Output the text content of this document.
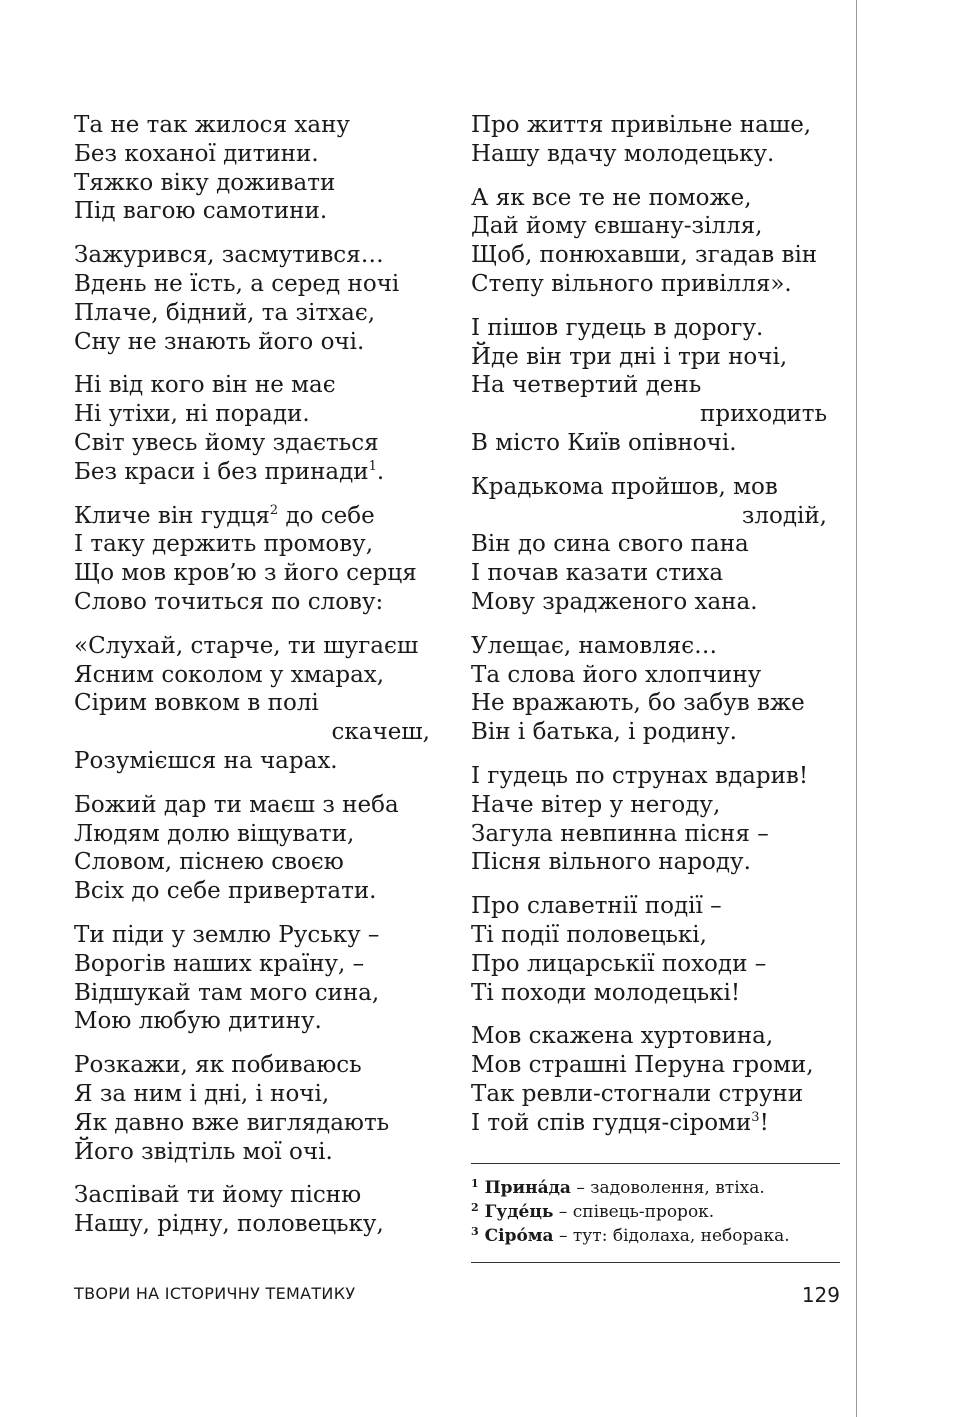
Та не так жилося хану
Без коханої дитини.
Тяжко віку доживати
Під вагою самотини.
Зажурився, засмутився…
Вдень не їсть, а серед ночі
Плаче, бідний, та зітхає,
Сну не знають його очі.
Ні від кого він не має
Ні утіхи, ні поради.
Світ увесь йому здається
Без краси і без принади$^1$.
Кличе він гудця$^2$ до себе
І таку держить промову,
Що мов кров’ю з його серця
Слово точиться по слову:
«Слухай, старче, ти шугаєш
Ясним соколом у хмарах,
Сірим вовком в полі
скачеш,
Розумієшся на чарах.
Божий дар ти маєш з неба
Людям долю віщувати,
Словом, піснею своєю
Всіх до себе привертати.
Ти піди у землю Руську –
Ворогів наших країну, –
Відшукай там мого сина,
Мою любую дитину.
Розкажи, як побиваюсь
Я за ним і дні, і ночі,
Як давно вже виглядають
Його звідтіль мої очі.
Заспівай ти йому пісню
Нашу, рідну, половецьку,
Про життя привільне наше,
Нашу вдачу молодецьку.
А як все те не поможе,
Дай йому євшану-зілля,
Щоб, понюхавши, згадав він
Степу вільного привілля».
І пішов гудець в дорогу.
Йде він три дні і три ночі,
На четвертий день
приходить
В місто Київ опівночі.
Крадькома пройшов, мов
злодій,
Він до сина свого пана
І почав казати стиха
Мову зрадженого хана.
Улещає, намовляє…
Та слова його хлопчину
Не вражають, бо забув вже
Він і батька, і родину.
І гудець по струнах вдарив!
Наче вітер у негоду,
Загула невпинна пісня –
Пісня вільного народу.
Про славетнії події –
Ті події половецькі,
Про лицарськії походи –
Ті походи молодецькі!
Мов скажена хуртовина,
Мов страшні Перуна громи,
Так ревли-стогнали струни
І той спів гудця-сіроми$^3$!
$^1$ Прина́да – задоволення, втіха.
$^2$ Гуде́ць – співець-пророк.
$^3$ Сіро́ма – тут: бідолаха, неборака.
ТВОРИ НА ІСТОРИЧНУ ТЕМАТИКУ	129
